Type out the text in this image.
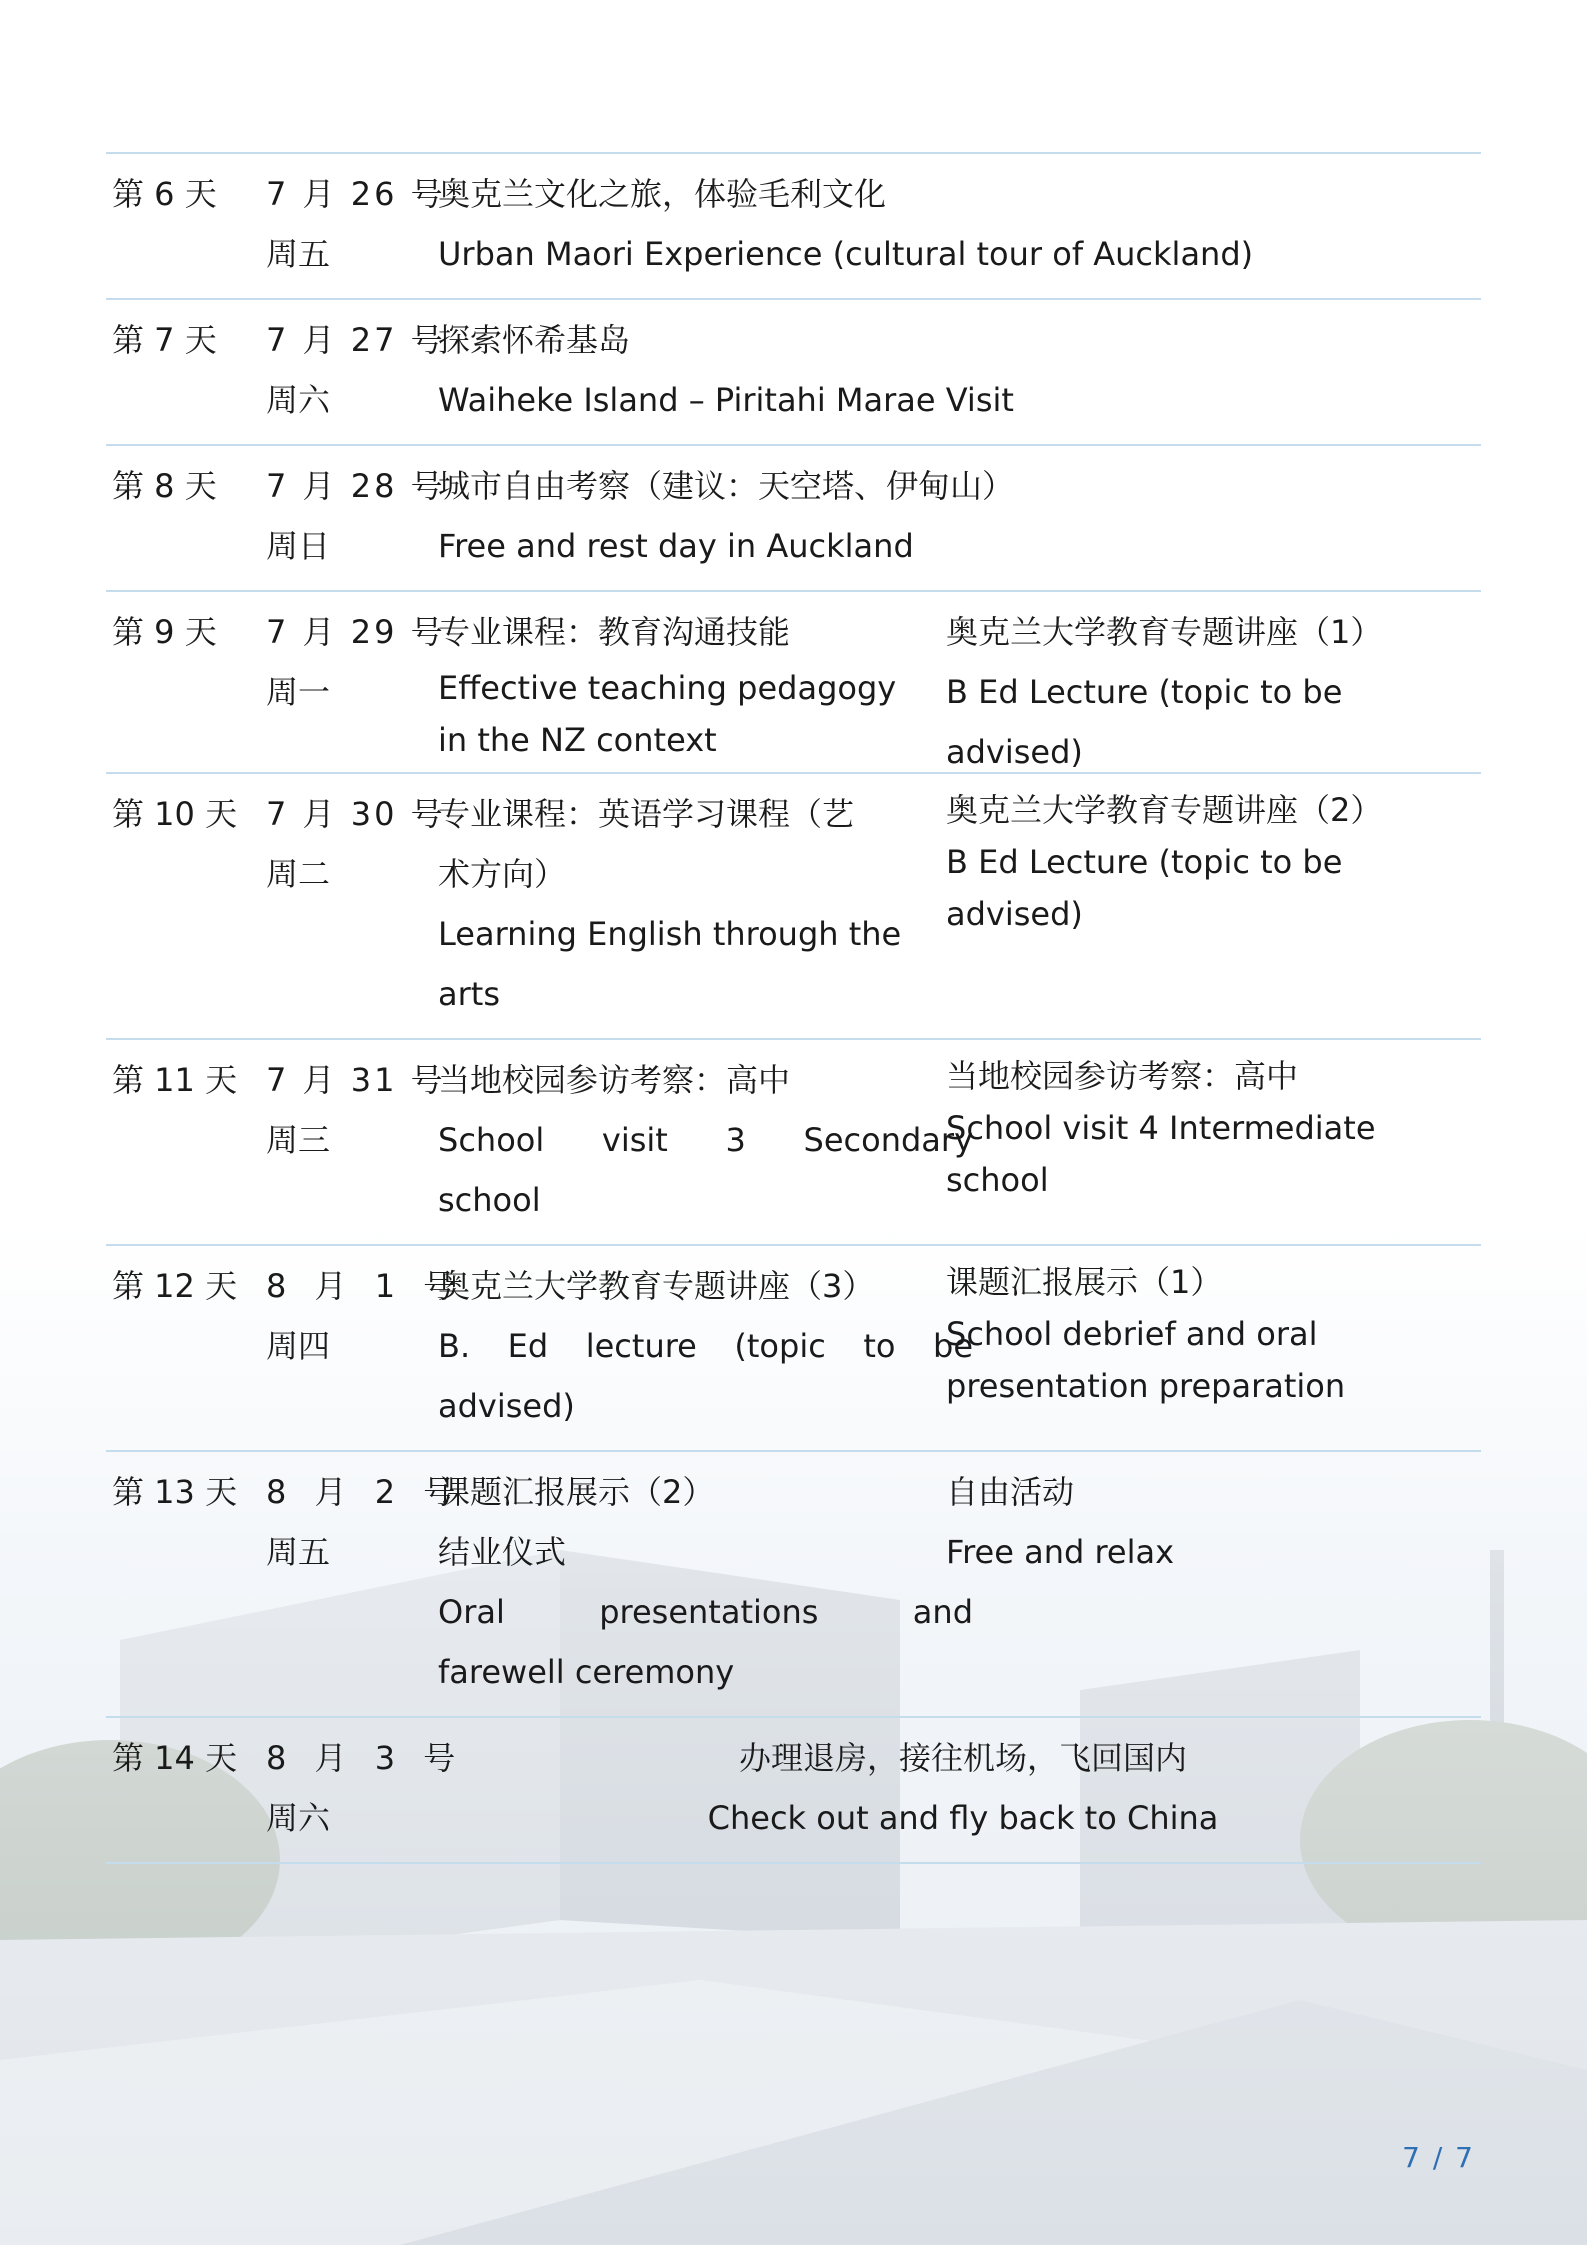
第 6 天 7 月 26 号
周五
奥克兰文化之旅，体验毛利文化
Urban Maori Experience (cultural tour of Auckland)
第 7 天 7 月 27 号
周六
探索怀希基岛
Waiheke Island – Piritahi Marae Visit
第 8 天 7 月 28 号
周日
城市自由考察（建议：天空塔、伊甸山）
Free and rest day in Auckland
第 9 天 7 月 29 号
周一
专业课程：教育沟通技能
Effective teaching pedagogy
in the NZ context
奥克兰大学教育专题讲座（1）
B Ed Lecture (topic to be advised)
第 10 天 7 月 30 号
周二
专业课程：英语学习课程（艺
术方向）
Learning English through the
arts
奥克兰大学教育专题讲座（2）
B Ed Lecture (topic to be advised)
第 11 天 7 月 31 号
周三
当地校园参访考察：高中
School visit 3 Secondary
school
当地校园参访考察：高中
School visit 4 Intermediate school
第 12 天 8 月 1 号
周四
奥克兰大学教育专题讲座（3）
B. Ed lecture (topic to be
advised)
课题汇报展示（1）
School debrief and oral
presentation preparation
第 13 天 8 月 2 号
周五
课题汇报展示（2）
结业仪式
Oral presentations and
farewell ceremony
自由活动
Free and relax
第 14 天 8 月 3 号
周六
办理退房，接往机场，飞回国内
Check out and fly back to China
7 / 7
